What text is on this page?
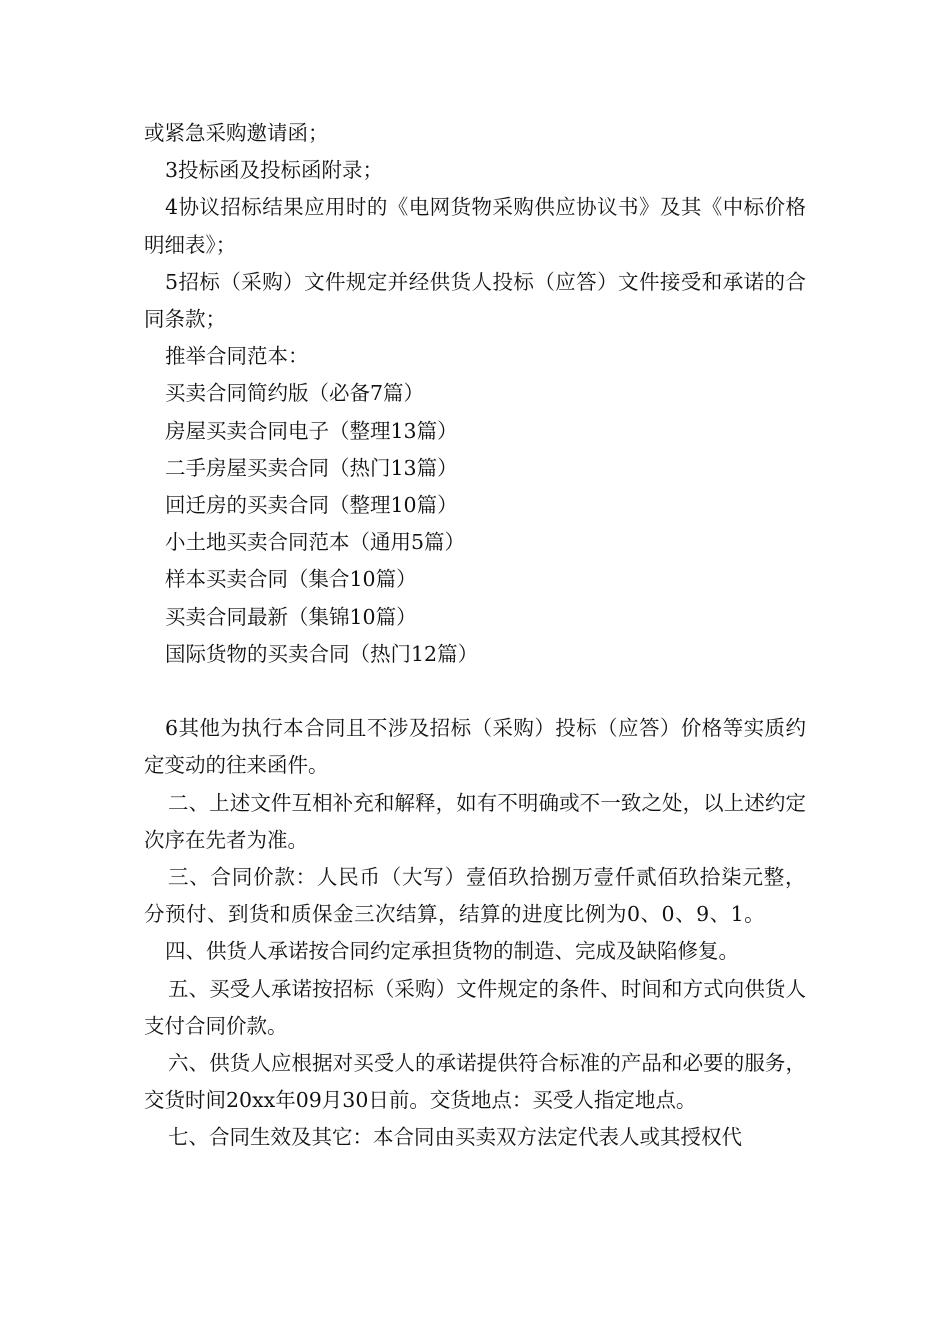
或紧急采购邀请函；

3投标函及投标函附录；

4协议招标结果应用时的《电网货物采购供应协议书》及其《中标价格明细表》；

5招标（采购）文件规定并经供货人投标（应答）文件接受和承诺的合同条款；

推举合同范本：

买卖合同简约版（必备7篇）

房屋买卖合同电子（整理13篇）

二手房屋买卖合同（热门13篇）

回迁房的买卖合同（整理10篇）

小土地买卖合同范本（通用5篇）

样本买卖合同（集合10篇）

买卖合同最新（集锦10篇）

国际货物的买卖合同（热门12篇）

6其他为执行本合同且不涉及招标（采购）投标（应答）价格等实质约定变动的往来函件。

二、上述文件互相补充和解释，如有不明确或不一致之处，以上述约定次序在先者为准。

三、合同价款：人民币（大写）壹佰玖拾捌万壹仟贰佰玖拾柒元整，分预付、到货和质保金三次结算，结算的进度比例为0、0、9、1。

四、供货人承诺按合同约定承担货物的制造、完成及缺陷修复。

五、买受人承诺按招标（采购）文件规定的条件、时间和方式向供货人支付合同价款。

六、供货人应根据对买受人的承诺提供符合标准的产品和必要的服务，交货时间20xx年09月30日前。交货地点：买受人指定地点。

七、合同生效及其它：本合同由买卖双方法定代表人或其授权代
